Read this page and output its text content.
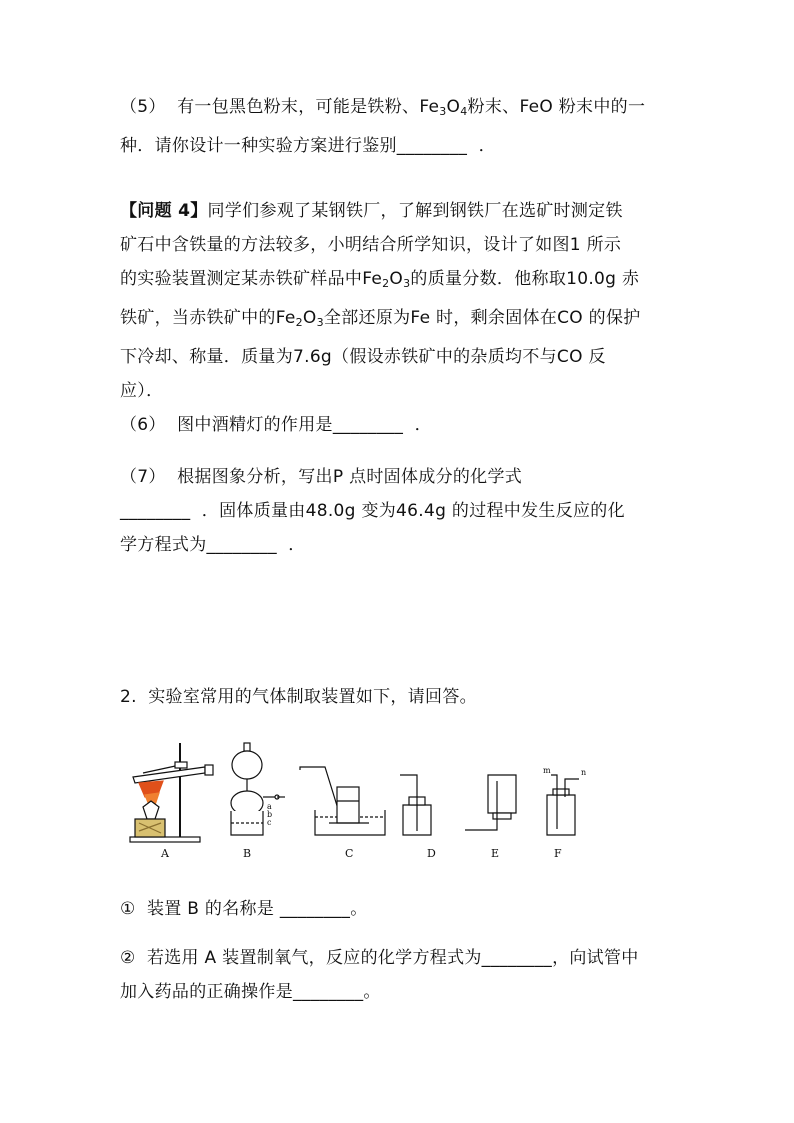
（5）  有一包黑色粉末，可能是铁粉、$Fe_3O_4$粉末、FeO 粉末中的一
种．请你设计一种实验方案进行鉴别________  ．
【问题 4】同学们参观了某钢铁厂，了解到钢铁厂在选矿时测定铁
矿石中含铁量的方法较多，小明结合所学知识，设计了如图1 所示
的实验装置测定某赤铁矿样品中$Fe_2O_3$的质量分数．他称取10.0g 赤
铁矿，当赤铁矿中的$Fe_2O_3$全部还原为Fe 时，剩余固体在CO 的保护
下冷却、称量．质量为7.6g（假设赤铁矿中的杂质均不与CO 反
应）．
（6）  图中酒精灯的作用是________  ．
（7）  根据图象分析，写出P 点时固体成分的化学式
________  ．固体质量由48.0g 变为46.4g 的过程中发生反应的化
学方程式为________  ．
2.  实验室常用的气体制取装置如下，请回答。
A
a
b
c
B	C	D	E
m	n
F
①  装置 B 的名称是 ________。
②  若选用 A 装置制氧气，反应的化学方程式为________，向试管中
加入药品的正确操作是________。
